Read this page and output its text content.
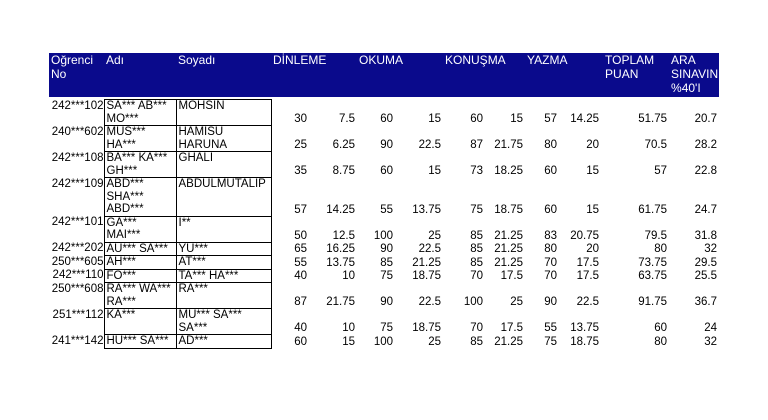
Oğrenci No	Adı	Soyadı	DİNLEME		OKUMA		KONUŞMA		YAZMA		TOPLAM PUAN	ARA SINAVIN %40'I

242***102	SA*** AB*** MO***	MOHSIN	30	7.5	60	15	60	15	57	14.25	51.75	20.7
240***602	MUS*** HA***	HAMİSU HARUNA	25	6.25	90	22.5	87	21.75	80	20	70.5	28.2
242***108	BA*** KA*** GH***	GHALI	35	8.75	60	15	73	18.25	60	15	57	22.8
242***109	ABD*** SHA*** ABD***	ABDULMUTALIP	57	14.25	55	13.75	75	18.75	60	15	61.75	24.7
242***101	GA*** MAI***	I**	50	12.5	100	25	85	21.25	83	20.75	79.5	31.8
242***202	AU*** SA***	YU***	65	16.25	90	22.5	85	21.25	80	20	80	32
250***605	AH***	AT***	55	13.75	85	21.25	85	21.25	70	17.5	73.75	29.5
242***110	FO***	TA*** HA***	40	10	75	18.75	70	17.5	70	17.5	63.75	25.5
250***608	RA*** WA*** RA***	RA***	87	21.75	90	22.5	100	25	90	22.5	91.75	36.7
251***112	KA***	MU*** SA*** SA***	40	10	75	18.75	70	17.5	55	13.75	60	24
241***142	HU*** SA***	AD***	60	15	100	25	85	21.25	75	18.75	80	32
